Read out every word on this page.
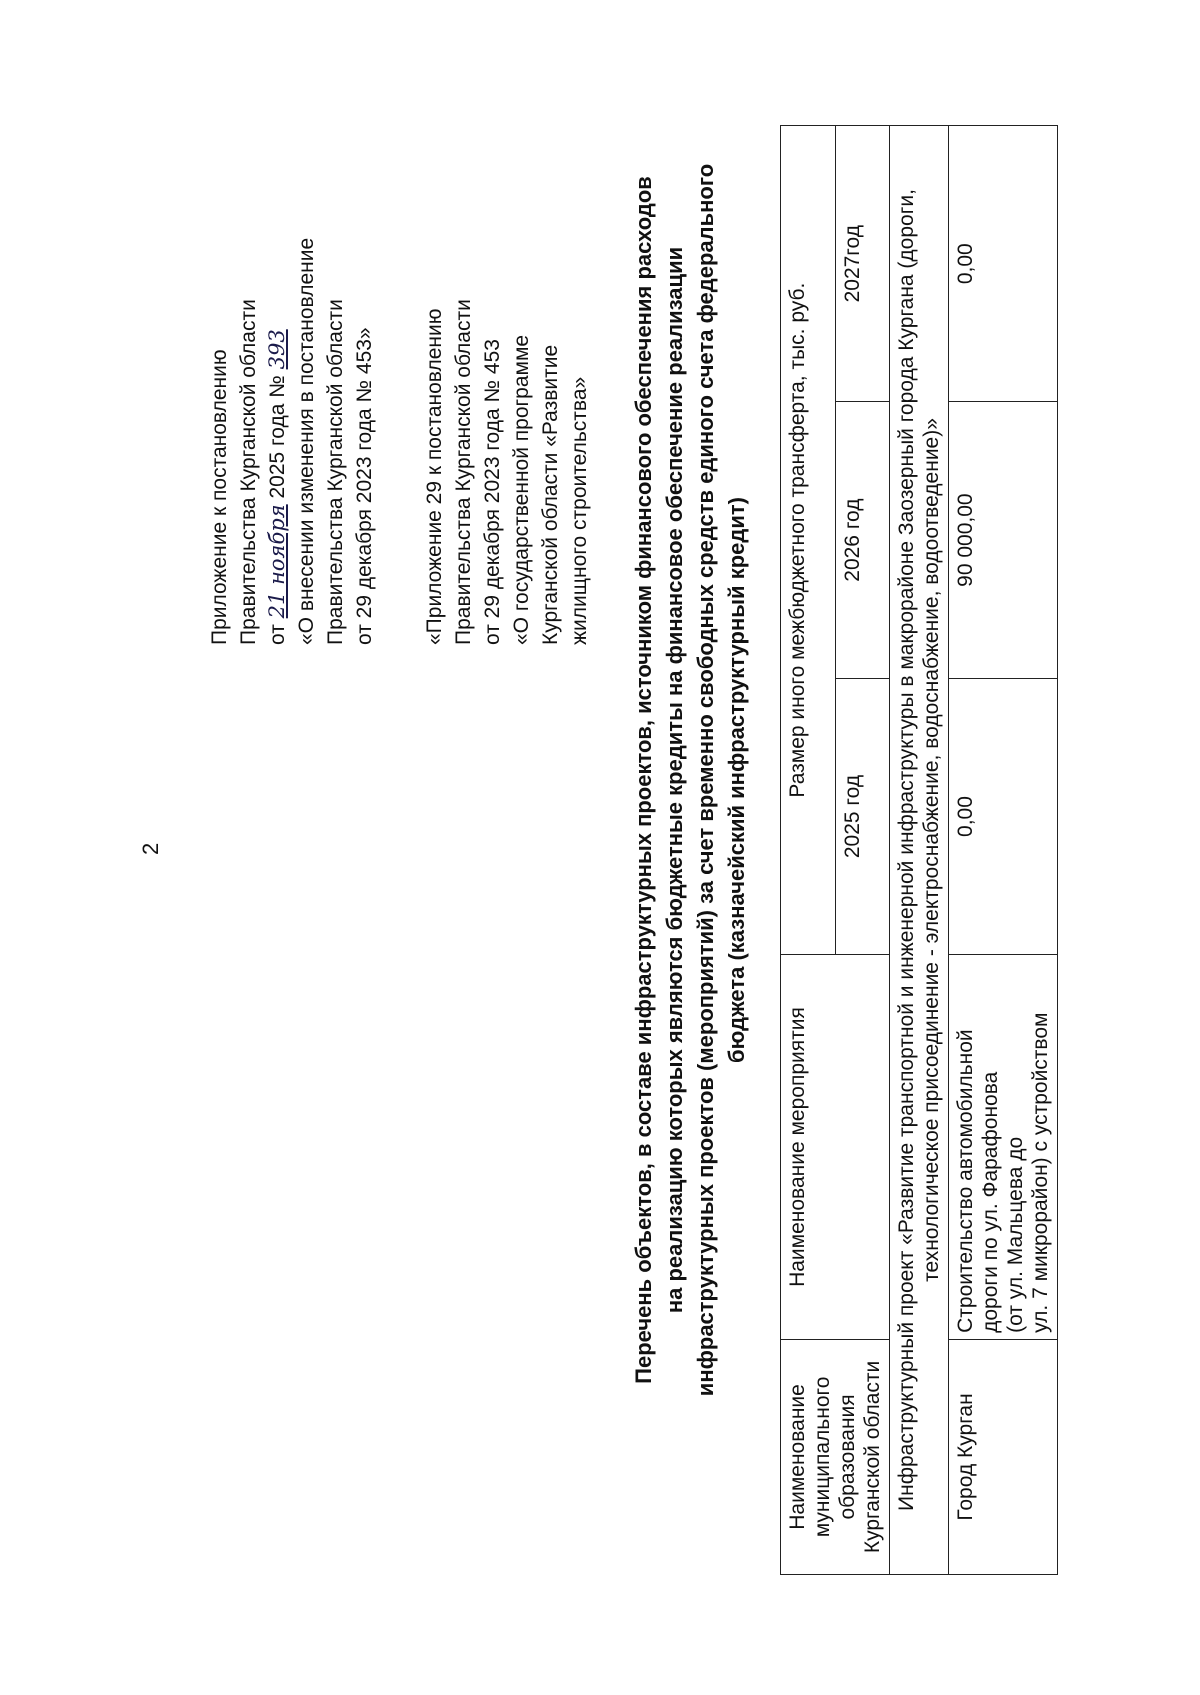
2
Приложение к постановлению Правительства Курганской области от 21 ноября 2025 года № 393 «О внесении изменения в постановление Правительства Курганской области от 29 декабря 2023 года № 453» «Приложение 29 к постановлению Правительства Курганской области от 29 декабря 2023 года № 453 «О государственной программе Курганской области «Развитие жилищного строительства» Перечень объектов, в составе инфраструктурных проектов, источником финансового обеспечения расходов на реализацию которых являются бюджетные кредиты на финансовое обеспечение реализации инфраструктурных проектов (мероприятий) за счет временно свободных средств единого счета федерального бюджета (казначейский инфраструктурный кредит)
Наименование муниципального образования Курганской области	Наименование мероприятия	Размер иного межбюджетного трансферта, тыс. руб.		
		2025 год	2026 год	2027год
Инфраструктурный проект «Развитие транспортной и инженерной инфраструктуры в макрорайоне Заозерный города Кургана (дороги, технологическое присоединение - электроснабжение, водоснабжение, водоотведение)»				
Город Курган	Строительство автомобильной дороги по ул. Фарафонова (от ул. Мальцева до ул. 7 микрорайон) с устройством	0,00	90 000,00	0,00
